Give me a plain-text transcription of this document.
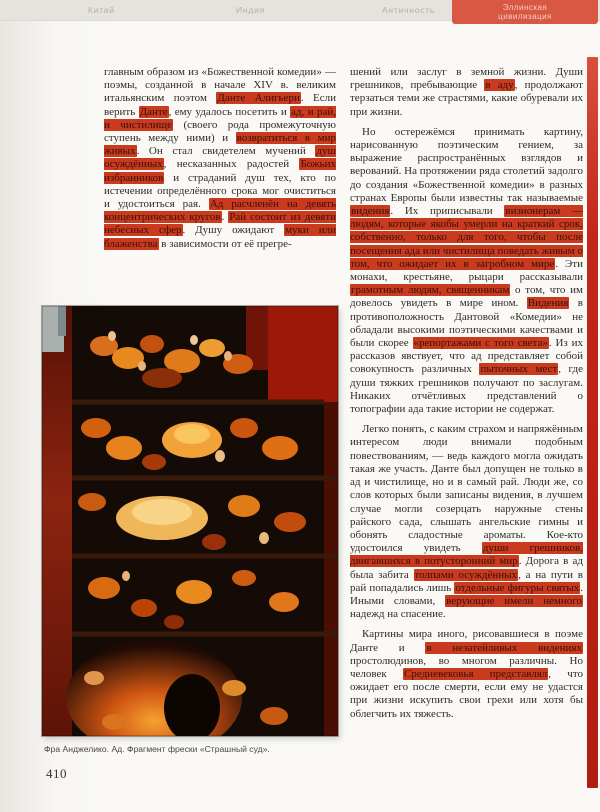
Китай	Индия	Античность	Эллинская цивилизация

главным образом из «Божественной комедии» — поэмы, созданной в начале XIV в. великим итальянским поэтом Данте Алигьери. Если верить Данте, ему удалось посетить и ад, и рай, и чистилище (своего рода промежуточную ступень между ними) и возвратиться в мир живых. Он стал свидетелем мучений душ осуждённых, несказанных радостей Божьих избранников и страданий душ тех, кто по истечении определённого срока мог очиститься и удостоиться рая. Ад расчленён на девять концентрических кругов. Рай состоит из девяти небесных сфер. Душу ожидают муки или блаженства в зависимости от её прегре-

шений или заслуг в земной жизни. Души грешников, пребывающие в аду, продолжают терзаться теми же страстями, какие обуревали их при жизни.

Но остережёмся принимать картину, нарисованную поэтическим гением, за выражение распространённых взглядов и верований. На протяжении ряда столетий задолго до создания «Божественной комедии» в разных странах Европы были известны так называемые видения. Их приписывали визионерам — людям, которые якобы умерли на краткий срок, собственно, только для того, чтобы после посещения ада или чистилища поведать живым о том, что ожидает их в загробном мире. Эти монахи, крестьяне, рыцари рассказывали грамотным людям, священникам о том, что им довелось увидеть в мире ином. Видения в противоположность Дантовой «Комедии» не обладали высокими поэтическими качествами и были скорее «репортажами с того света». Из их рассказов явствует, что ад представляет собой совокупность различных пыточных мест, где души тяжких грешников получают по заслугам. Никаких отчётливых представлений о топографии ада такие истории не содержат.

Легко понять, с каким страхом и напряжённым интересом люди внимали подобным повествованиям, — ведь каждого могла ожидать такая же участь. Данте был допущен не только в ад и чистилище, но и в самый рай. Люди же, со слов которых были записаны видения, в лучшем случае могли созерцать наружные стены райского сада, слышать ангельские гимны и обонять сладостные ароматы. Кое-кто удостоился увидеть души грешников, двигавшихся в потусторонний мир. Дорога в ад была забита толпами осуждённых, а на пути в рай попадались лишь отдельные фигуры святых. Иными словами, верующие имели немного надежд на спасение.

Картины мира иного, рисовавшиеся в поэме Данте и в незатейливых видениях простолюдинов, во многом различны. Но человек Средневековья представлял, что ожидает его после смерти, если ему не удастся при жизни искупить свои грехи или хотя бы облегчить их тяжесть.

Фра Анджелико. Ад. Фрагмент фрески «Страшный суд».
410
